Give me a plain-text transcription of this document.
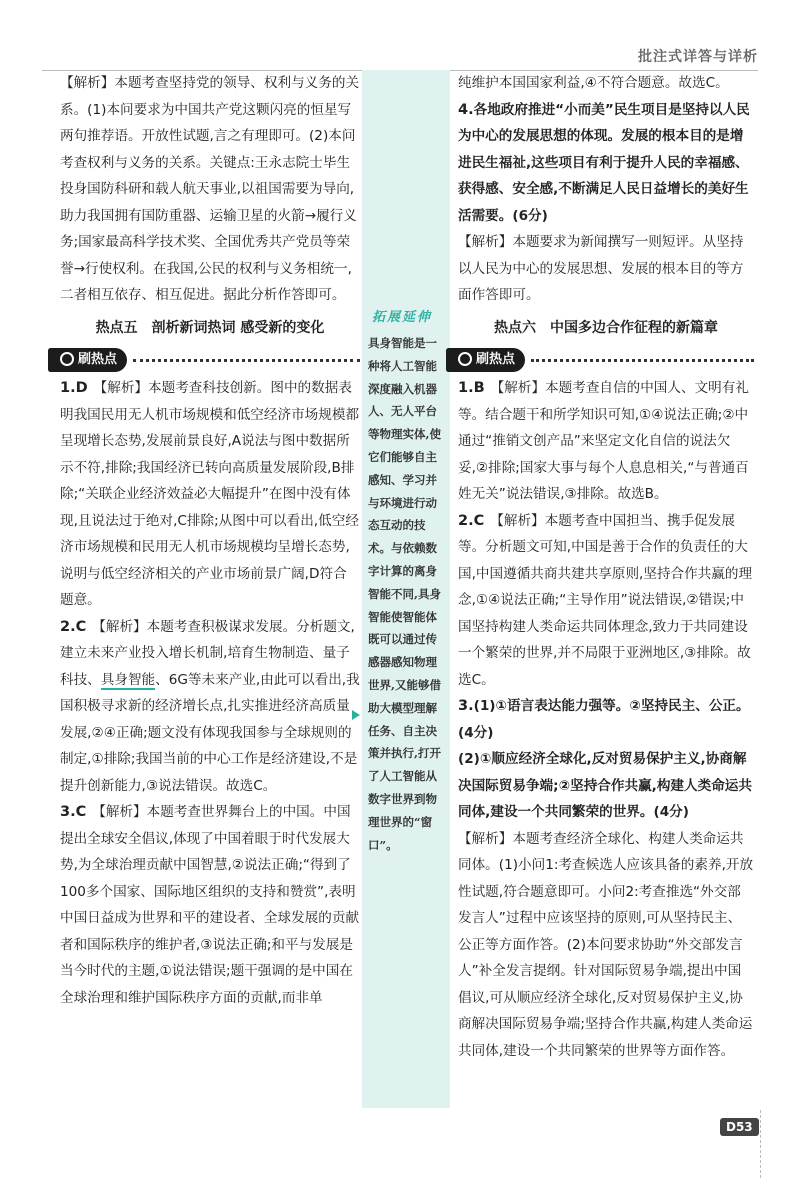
批注式详答与详析

【解析】本题考查坚持党的领导、权利与义务的关系。(1)本问要求为中国共产党这颗闪亮的恒星写两句推荐语。开放性试题,言之有理即可。(2)本问考查权利与义务的关系。关键点:王永志院士毕生投身国防科研和载人航天事业,以祖国需要为导向,助力我国拥有国防重器、运输卫星的火箭→履行义务;国家最高科学技术奖、全国优秀共产党员等荣誉→行使权利。在我国,公民的权利与义务相统一,二者相互依存、相互促进。据此分析作答即可。

热点五　剖析新词热词 感受新的变化
刷热点

1.D 【解析】本题考查科技创新。图中的数据表明我国民用无人机市场规模和低空经济市场规模都呈现增长态势,发展前景良好,A说法与图中数据所示不符,排除;我国经济已转向高质量发展阶段,B排除;“关联企业经济效益必大幅提升”在图中没有体现,且说法过于绝对,C排除;从图中可以看出,低空经济市场规模和民用无人机市场规模均呈增长态势,说明与低空经济相关的产业市场前景广阔,D符合题意。

2.C 【解析】本题考查积极谋求发展。分析题文,建立未来产业投入增长机制,培育生物制造、量子科技、具身智能、6G等未来产业,由此可以看出,我国积极寻求新的经济增长点,扎实推进经济高质量发展,②④正确;题文没有体现我国参与全球规则的制定,①排除;我国当前的中心工作是经济建设,不是提升创新能力,③说法错误。故选C。

3.C 【解析】本题考查世界舞台上的中国。中国提出全球安全倡议,体现了中国着眼于时代发展大势,为全球治理贡献中国智慧,②说法正确;“得到了100多个国家、国际地区组织的支持和赞赏”,表明中国日益成为世界和平的建设者、全球发展的贡献者和国际秩序的维护者,③说法正确;和平与发展是当今时代的主题,①说法错误;题干强调的是中国在全球治理和维护国际秩序方面的贡献,而非单

拓展延伸
具身智能是一种将人工智能深度融入机器人、无人平台等物理实体,使它们能够自主感知、学习并与环境进行动态互动的技术。与依赖数字计算的离身智能不同,具身智能使智能体既可以通过传感器感知物理世界,又能够借助大模型理解任务、自主决策并执行,打开了人工智能从数字世界到物理世界的“窗口”。

纯维护本国国家利益,④不符合题意。故选C。

4.各地政府推进“小而美”民生项目是坚持以人民为中心的发展思想的体现。发展的根本目的是增进民生福祉,这些项目有利于提升人民的幸福感、获得感、安全感,不断满足人民日益增长的美好生活需要。(6分)

【解析】本题要求为新闻撰写一则短评。从坚持以人民为中心的发展思想、发展的根本目的等方面作答即可。

热点六　中国多边合作征程的新篇章
刷热点

1.B 【解析】本题考查自信的中国人、文明有礼等。结合题干和所学知识可知,①④说法正确;②中通过“推销文创产品”来坚定文化自信的说法欠妥,②排除;国家大事与每个人息息相关,“与普通百姓无关”说法错误,③排除。故选B。

2.C 【解析】本题考查中国担当、携手促发展等。分析题文可知,中国是善于合作的负责任的大国,中国遵循共商共建共享原则,坚持合作共赢的理念,①④说法正确;“主导作用”说法错误,②错误;中国坚持构建人类命运共同体理念,致力于共同建设一个繁荣的世界,并不局限于亚洲地区,③排除。故选C。

3.(1)①语言表达能力强等。②坚持民主、公正。(4分)

(2)①顺应经济全球化,反对贸易保护主义,协商解决国际贸易争端;②坚持合作共赢,构建人类命运共同体,建设一个共同繁荣的世界。(4分)

【解析】本题考查经济全球化、构建人类命运共同体。(1)小问1:考查候选人应该具备的素养,开放性试题,符合题意即可。小问2:考查推选“外交部发言人”过程中应该坚持的原则,可从坚持民主、公正等方面作答。(2)本问要求协助“外交部发言人”补全发言提纲。针对国际贸易争端,提出中国倡议,可从顺应经济全球化,反对贸易保护主义,协商解决国际贸易争端;坚持合作共赢,构建人类命运共同体,建设一个共同繁荣的世界等方面作答。

D53
